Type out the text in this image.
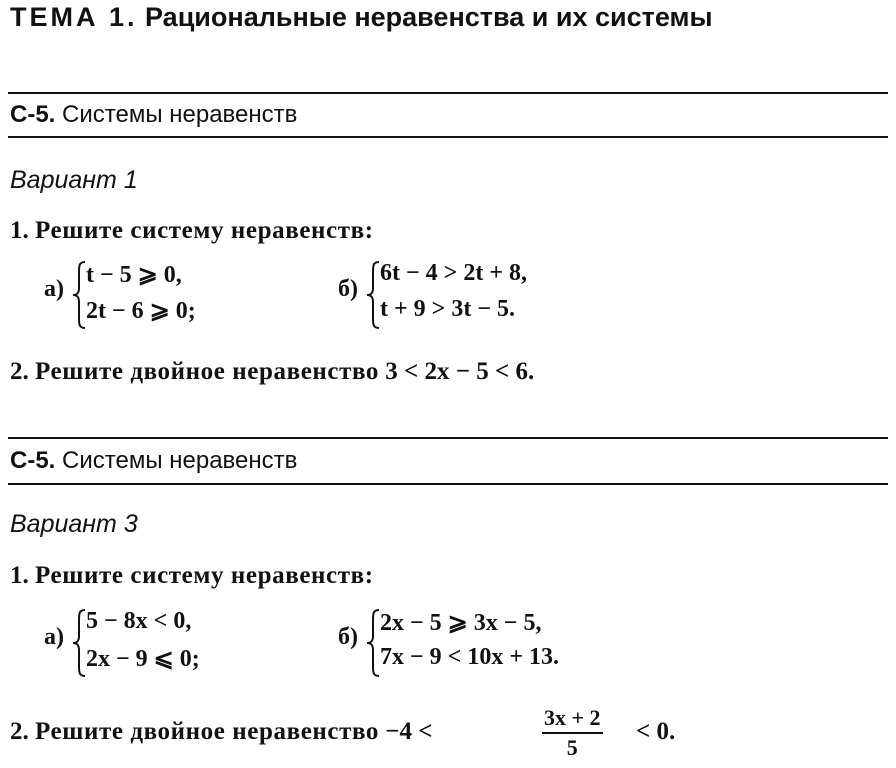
ТЕМА 1. Рациональные неравенства и их системы
С-5. Системы неравенств
Вариант 1
1. Решите систему неравенств:
а)
t − 5 ⩾ 0,
2t − 6 ⩾ 0;
б)
6t − 4 > 2t + 8,
t + 9 > 3t − 5.
2. Решите двойное неравенство 3 < 2x − 5 < 6.
С-5. Системы неравенств
Вариант 3
1. Решите систему неравенств:
а)
5 − 8x < 0,
2x − 9 ⩽ 0;
б)
2x − 5 ⩾ 3x − 5,
7x − 9 < 10x + 13.
2. Решите двойное неравенство −4 <
3x + 2
5
< 0.
